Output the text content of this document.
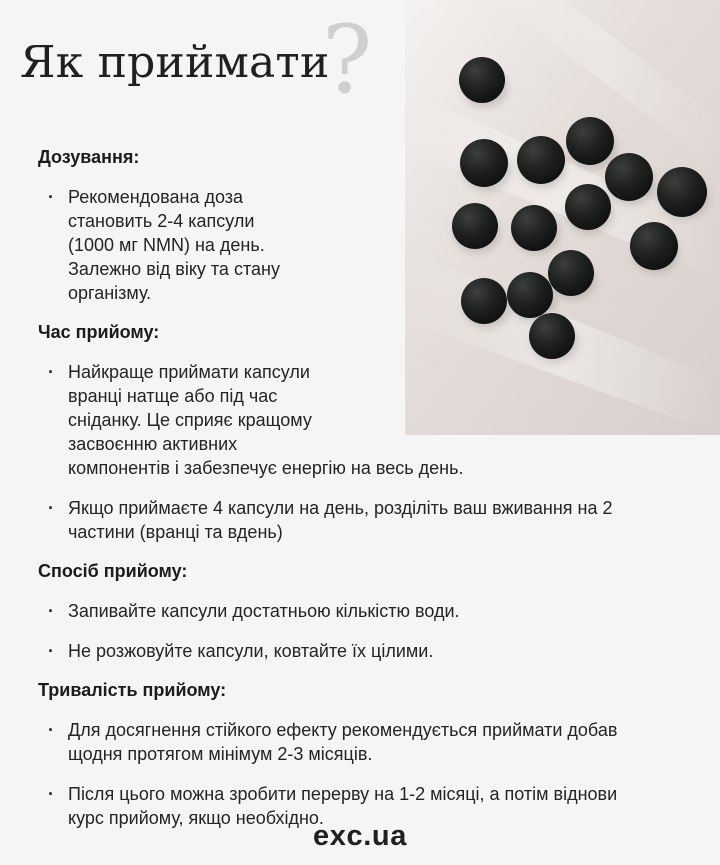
Як приймати
?
Дозування:
· Рекомендована доза
становить 2-4 капсули
(1000 мг NMN) на день.
Залежно від віку та стану
організму.
Час прийому:
· Найкраще приймати капсули
вранці натще або під час
сніданку. Це сприяє кращому
засвоєнню активних
компонентів і забезпечує енергію на весь день.
· Якщо приймаєте 4 капсули на день, розділіть ваш вживання на 2
частини (вранці та вдень)
Спосіб прийому:
· Запивайте капсули достатньою кількістю води.
· Не розжовуйте капсули, ковтайте їх цілими.
Тривалість прийому:
· Для досягнення стійкого ефекту рекомендується приймати добав
щодня протягом мінімум 2-3 місяців.
· Після цього можна зробити перерву на 1-2 місяці, а потім віднови
курс прийому, якщо необхідно.
exc.ua
